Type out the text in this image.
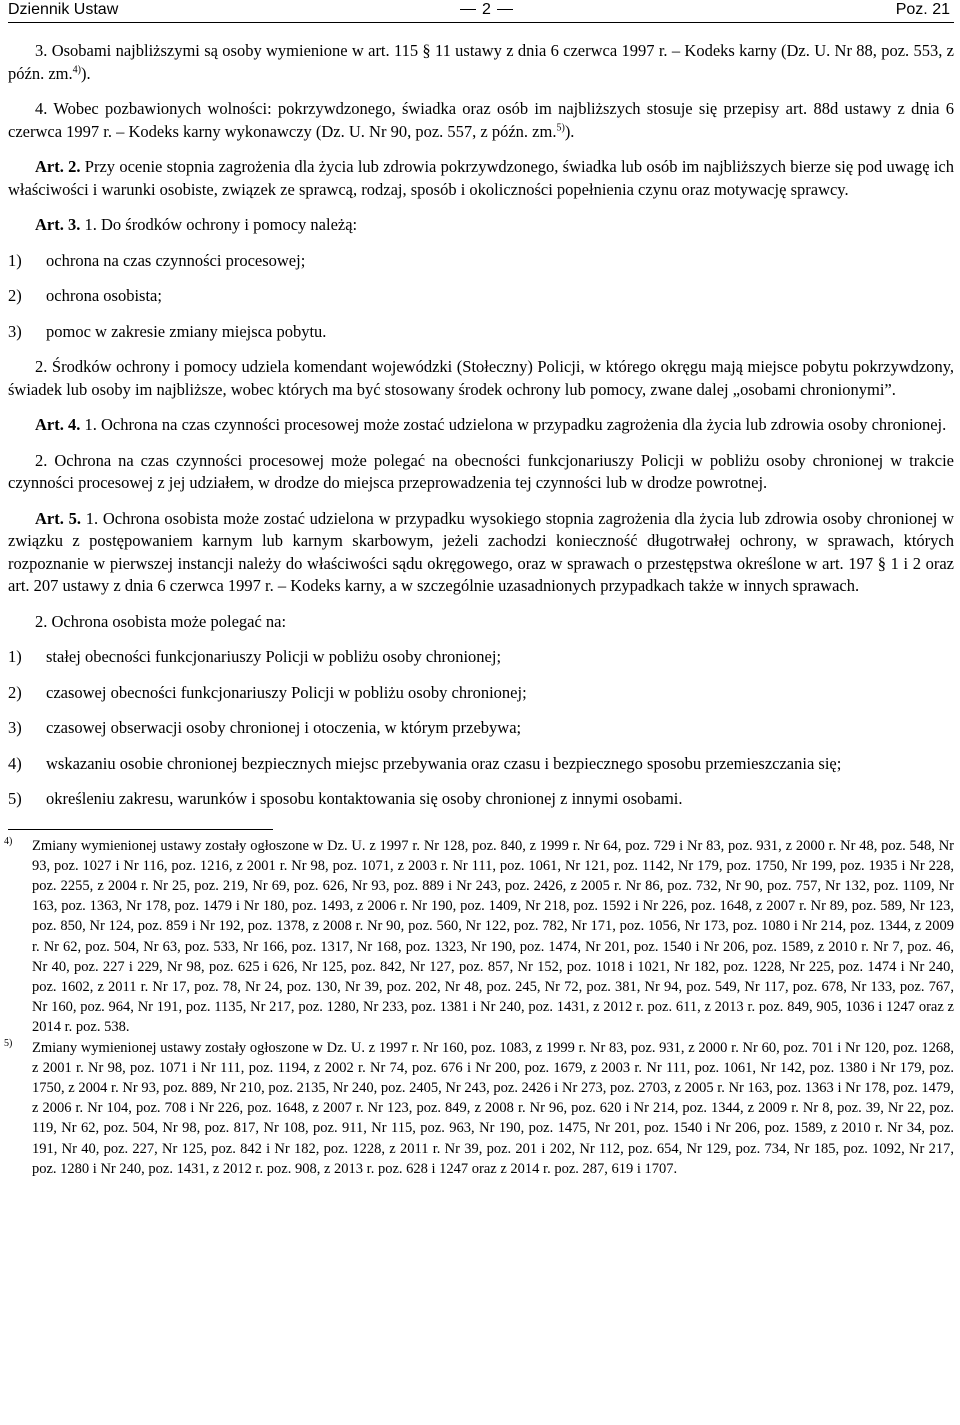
Dziennik Ustaw	2	Poz. 21

3. Osobami najbliższymi są osoby wymienione w art. 115 § 11 ustawy z dnia 6 czerwca 1997 r. – Kodeks karny (Dz. U. Nr 88, poz. 553, z późn. zm.$^{4)}$).

4. Wobec pozbawionych wolności: pokrzywdzonego, świadka oraz osób im najbliższych stosuje się przepisy art. 88d ustawy z dnia 6 czerwca 1997 r. – Kodeks karny wykonawczy (Dz. U. Nr 90, poz. 557, z późn. zm.$^{5)}$).

Art. 2. Przy ocenie stopnia zagrożenia dla życia lub zdrowia pokrzywdzonego, świadka lub osób im najbliższych bierze się pod uwagę ich właściwości i warunki osobiste, związek ze sprawcą, rodzaj, sposób i okoliczności popełnienia czynu oraz motywację sprawcy.

Art. 3. 1. Do środków ochrony i pomocy należą:

1) ochrona na czas czynności procesowej;

2) ochrona osobista;

3) pomoc w zakresie zmiany miejsca pobytu.

2. Środków ochrony i pomocy udziela komendant wojewódzki (Stołeczny) Policji, w którego okręgu mają miejsce pobytu pokrzywdzony, świadek lub osoby im najbliższe, wobec których ma być stosowany środek ochrony lub pomocy, zwane dalej „osobami chronionymi”.

Art. 4. 1. Ochrona na czas czynności procesowej może zostać udzielona w przypadku zagrożenia dla życia lub zdrowia osoby chronionej.

2. Ochrona na czas czynności procesowej może polegać na obecności funkcjonariuszy Policji w pobliżu osoby chronionej w trakcie czynności procesowej z jej udziałem, w drodze do miejsca przeprowadzenia tej czynności lub w drodze powrotnej.

Art. 5. 1. Ochrona osobista może zostać udzielona w przypadku wysokiego stopnia zagrożenia dla życia lub zdrowia osoby chronionej w związku z postępowaniem karnym lub karnym skarbowym, jeżeli zachodzi konieczność długotrwałej ochrony, w sprawach, których rozpoznanie w pierwszej instancji należy do właściwości sądu okręgowego, oraz w sprawach o przestępstwa określone w art. 197 § 1 i 2 oraz art. 207 ustawy z dnia 6 czerwca 1997 r. – Kodeks karny, a w szczególnie uzasadnionych przypadkach także w innych sprawach.

2. Ochrona osobista może polegać na:

1) stałej obecności funkcjonariuszy Policji w pobliżu osoby chronionej;

2) czasowej obecności funkcjonariuszy Policji w pobliżu osoby chronionej;

3) czasowej obserwacji osoby chronionej i otoczenia, w którym przebywa;

4) wskazaniu osobie chronionej bezpiecznych miejsc przebywania oraz czasu i bezpiecznego sposobu przemieszczania się;

5) określeniu zakresu, warunków i sposobu kontaktowania się osoby chronionej z innymi osobami.

4) Zmiany wymienionej ustawy zostały ogłoszone w Dz. U. z 1997 r. Nr 128, poz. 840, z 1999 r. Nr 64, poz. 729 i Nr 83, poz. 931, z 2000 r. Nr 48, poz. 548, Nr 93, poz. 1027 i Nr 116, poz. 1216, z 2001 r. Nr 98, poz. 1071, z 2003 r. Nr 111, poz. 1061, Nr 121, poz. 1142, Nr 179, poz. 1750, Nr 199, poz. 1935 i Nr 228, poz. 2255, z 2004 r. Nr 25, poz. 219, Nr 69, poz. 626, Nr 93, poz. 889 i Nr 243, poz. 2426, z 2005 r. Nr 86, poz. 732, Nr 90, poz. 757, Nr 132, poz. 1109, Nr 163, poz. 1363, Nr 178, poz. 1479 i Nr 180, poz. 1493, z 2006 r. Nr 190, poz. 1409, Nr 218, poz. 1592 i Nr 226, poz. 1648, z 2007 r. Nr 89, poz. 589, Nr 123, poz. 850, Nr 124, poz. 859 i Nr 192, poz. 1378, z 2008 r. Nr 90, poz. 560, Nr 122, poz. 782, Nr 171, poz. 1056, Nr 173, poz. 1080 i Nr 214, poz. 1344, z 2009 r. Nr 62, poz. 504, Nr 63, poz. 533, Nr 166, poz. 1317, Nr 168, poz. 1323, Nr 190, poz. 1474, Nr 201, poz. 1540 i Nr 206, poz. 1589, z 2010 r. Nr 7, poz. 46, Nr 40, poz. 227 i 229, Nr 98, poz. 625 i 626, Nr 125, poz. 842, Nr 127, poz. 857, Nr 152, poz. 1018 i 1021, Nr 182, poz. 1228, Nr 225, poz. 1474 i Nr 240, poz. 1602, z 2011 r. Nr 17, poz. 78, Nr 24, poz. 130, Nr 39, poz. 202, Nr 48, poz. 245, Nr 72, poz. 381, Nr 94, poz. 549, Nr 117, poz. 678, Nr 133, poz. 767, Nr 160, poz. 964, Nr 191, poz. 1135, Nr 217, poz. 1280, Nr 233, poz. 1381 i Nr 240, poz. 1431, z 2012 r. poz. 611, z 2013 r. poz. 849, 905, 1036 i 1247 oraz z 2014 r. poz. 538.
5) Zmiany wymienionej ustawy zostały ogłoszone w Dz. U. z 1997 r. Nr 160, poz. 1083, z 1999 r. Nr 83, poz. 931, z 2000 r. Nr 60, poz. 701 i Nr 120, poz. 1268, z 2001 r. Nr 98, poz. 1071 i Nr 111, poz. 1194, z 2002 r. Nr 74, poz. 676 i Nr 200, poz. 1679, z 2003 r. Nr 111, poz. 1061, Nr 142, poz. 1380 i Nr 179, poz. 1750, z 2004 r. Nr 93, poz. 889, Nr 210, poz. 2135, Nr 240, poz. 2405, Nr 243, poz. 2426 i Nr 273, poz. 2703, z 2005 r. Nr 163, poz. 1363 i Nr 178, poz. 1479, z 2006 r. Nr 104, poz. 708 i Nr 226, poz. 1648, z 2007 r. Nr 123, poz. 849, z 2008 r. Nr 96, poz. 620 i Nr 214, poz. 1344, z 2009 r. Nr 8, poz. 39, Nr 22, poz. 119, Nr 62, poz. 504, Nr 98, poz. 817, Nr 108, poz. 911, Nr 115, poz. 963, Nr 190, poz. 1475, Nr 201, poz. 1540 i Nr 206, poz. 1589, z 2010 r. Nr 34, poz. 191, Nr 40, poz. 227, Nr 125, poz. 842 i Nr 182, poz. 1228, z 2011 r. Nr 39, poz. 201 i 202, Nr 112, poz. 654, Nr 129, poz. 734, Nr 185, poz. 1092, Nr 217, poz. 1280 i Nr 240, poz. 1431, z 2012 r. poz. 908, z 2013 r. poz. 628 i 1247 oraz z 2014 r. poz. 287, 619 i 1707.
